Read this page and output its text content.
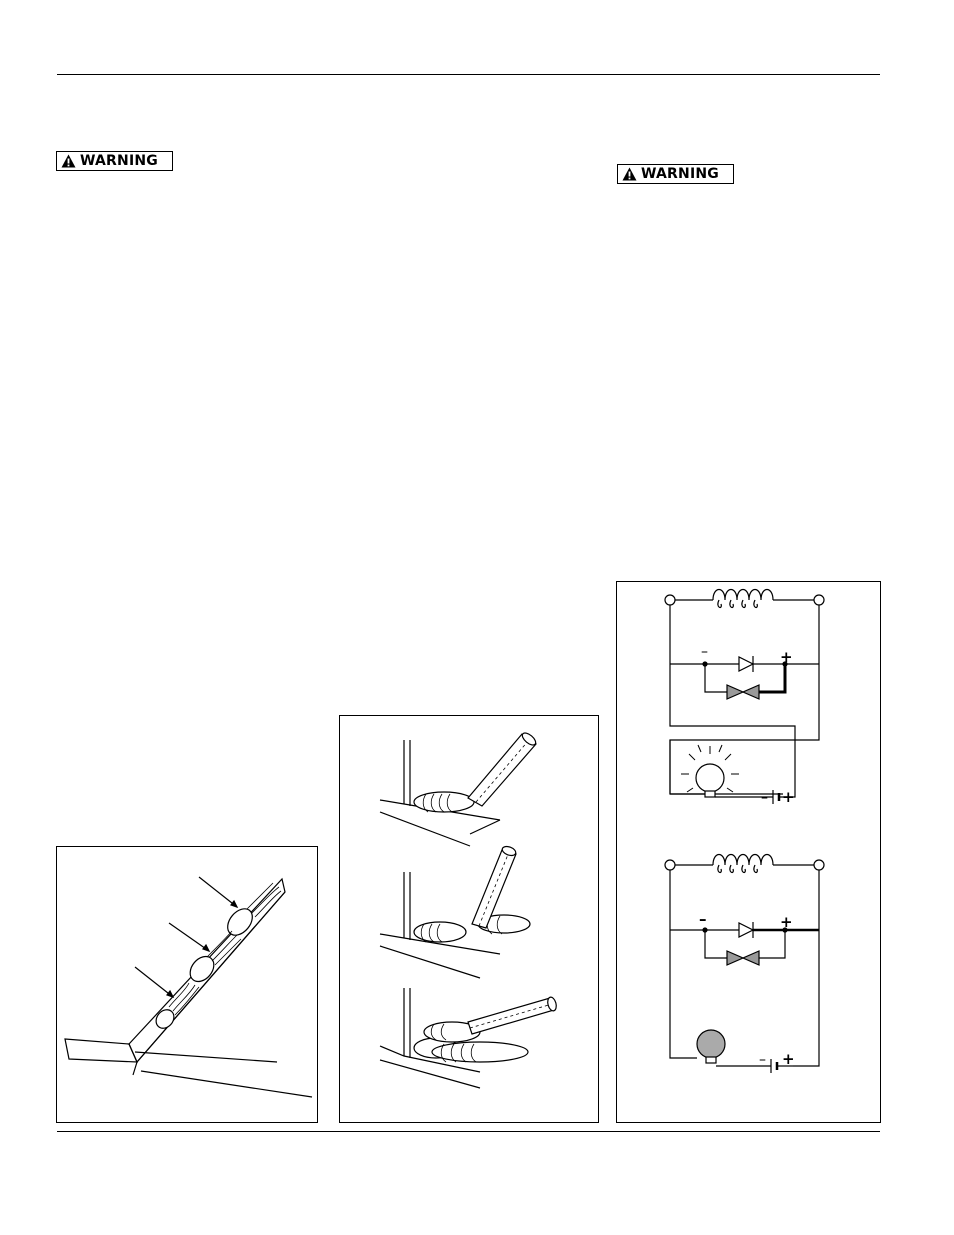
WARNING
WARNING
–	+
– +
–	+
– +
